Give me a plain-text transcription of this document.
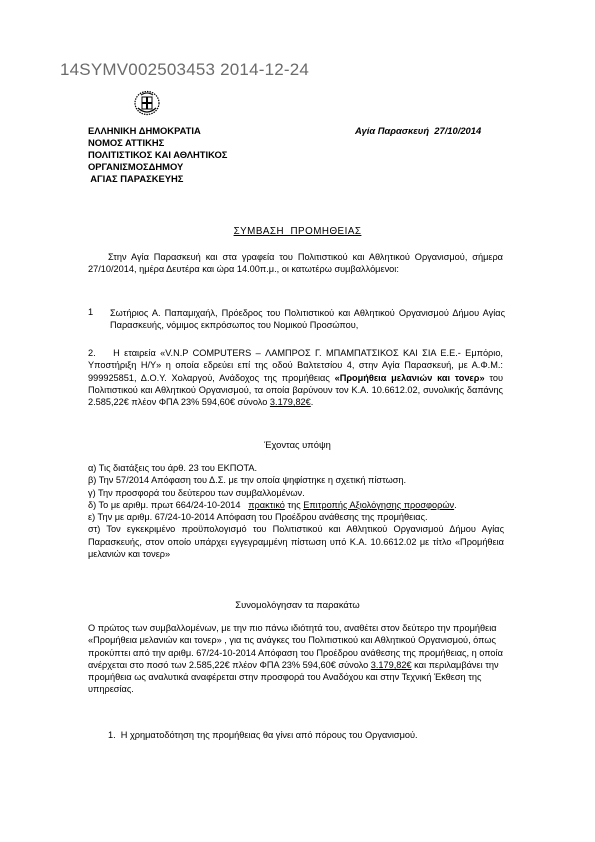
14SYMV002503453 2014-12-24
ΕΛΛΗΝΙΚΗ ΔΗΜΟΚΡΑΤΙΑ
ΝΟΜΟΣ ΑΤΤΙΚΗΣ
ΠΟΛΙΤΙΣΤΙΚΟΣ ΚΑΙ ΑΘΛΗΤΙΚΟΣ
ΟΡΓΑΝΙΣΜΟΣΔΗΜΟΥ
ΑΓΙΑΣ ΠΑΡΑΣΚΕΥΗΣ
Αγία Παρασκευή  27/10/2014
ΣΥΜΒΑΣΗ  ΠΡΟΜΗΘΕΙΑΣ
Στην Αγία Παρασκευή και στα γραφεία του Πολιτιστικού και Αθλητικού Οργανισμού, σήμερα 27/10/2014, ημέρα Δευτέρα και ώρα 14.00π.μ., οι κατωτέρω συμβαλλόμενοι:
1 Σωτήριος Α. Παπαμιχαήλ, Πρόεδρος του Πολιτιστικού και Αθλητικού Οργανισμού Δήμου Αγίας Παρασκευής, νόμιμος εκπρόσωπος του Νομικού Προσώπου,
2.    Η εταιρεία «V.N.P COMPUTERS – ΛΑΜΠΡΟΣ Γ. ΜΠΑΜΠΑΤΣΙΚΟΣ ΚΑΙ ΣΙΑ Ε.Ε.- Εμπόριο, Υποστήριξη Η/Υ» η οποία εδρεύει επί της οδού Βαλτετσίου 4, στην Αγία Παρασκευή, με Α.Φ.Μ.: 999925851, Δ.Ο.Υ. Χολαργού, Ανάδοχος της προμήθειας «Προμήθεια μελανιών και τονερ» του Πολιτιστικού και Αθλητικού Οργανισμού, τα οποία βαρύνουν τον Κ.Α. 10.6612.02, συνολικής δαπάνης 2.585,22€ πλέον ΦΠΑ 23% 594,60€ σύνολο 3.179,82€.
Έχοντας υπόψη
α) Τις διατάξεις του άρθ. 23 του ΕΚΠΟΤΑ.
β) Την 57/2014 Απόφαση του Δ.Σ. με την οποία ψηφίστηκε η σχετική πίστωση.
γ) Την προσφορά του δεύτερου των συμβαλλομένων.
δ) Το με αριθμ. πρωτ 664/24-10-2014   πρακτικό της Επιτροπής Αξιολόγησης προσφορών.
ε) Την με αριθμ. 67/24-10-2014 Απόφαση του Προέδρου ανάθεσης της προμήθειας.
στ) Τον εγκεκριμένο προϋπολογισμό του Πολιτιστικού και Αθλητικού Οργανισμού Δήμου Αγίας Παρασκευής, στον οποίο υπάρχει εγγεγραμμένη πίστωση υπό Κ.Α. 10.6612.02 με τίτλο «Προμήθεια μελανιών και τονερ»
Συνομολόγησαν τα παρακάτω
Ο πρώτος των συμβαλλομένων, με την πιο πάνω ιδιότητά του, αναθέτει στον δεύτερο την προμήθεια «Προμήθεια μελανιών και τονερ» , για τις ανάγκες του Πολιτιστικού και Αθλητικού Οργανισμού, όπως προκύπτει από την αριθμ. 67/24-10-2014 Απόφαση του Προέδρου ανάθεσης της προμήθειας, η οποία ανέρχεται στο ποσό των 2.585,22€ πλέον ΦΠΑ 23% 594,60€ σύνολο 3.179,82€ και περιλαμβάνει την προμήθεια ως αναλυτικά αναφέρεται στην προσφορά του Αναδόχου και στην Τεχνική Έκθεση της υπηρεσίας.
1.  Η χρηματοδότηση της προμήθειας θα γίνει από πόρους του Οργανισμού.
